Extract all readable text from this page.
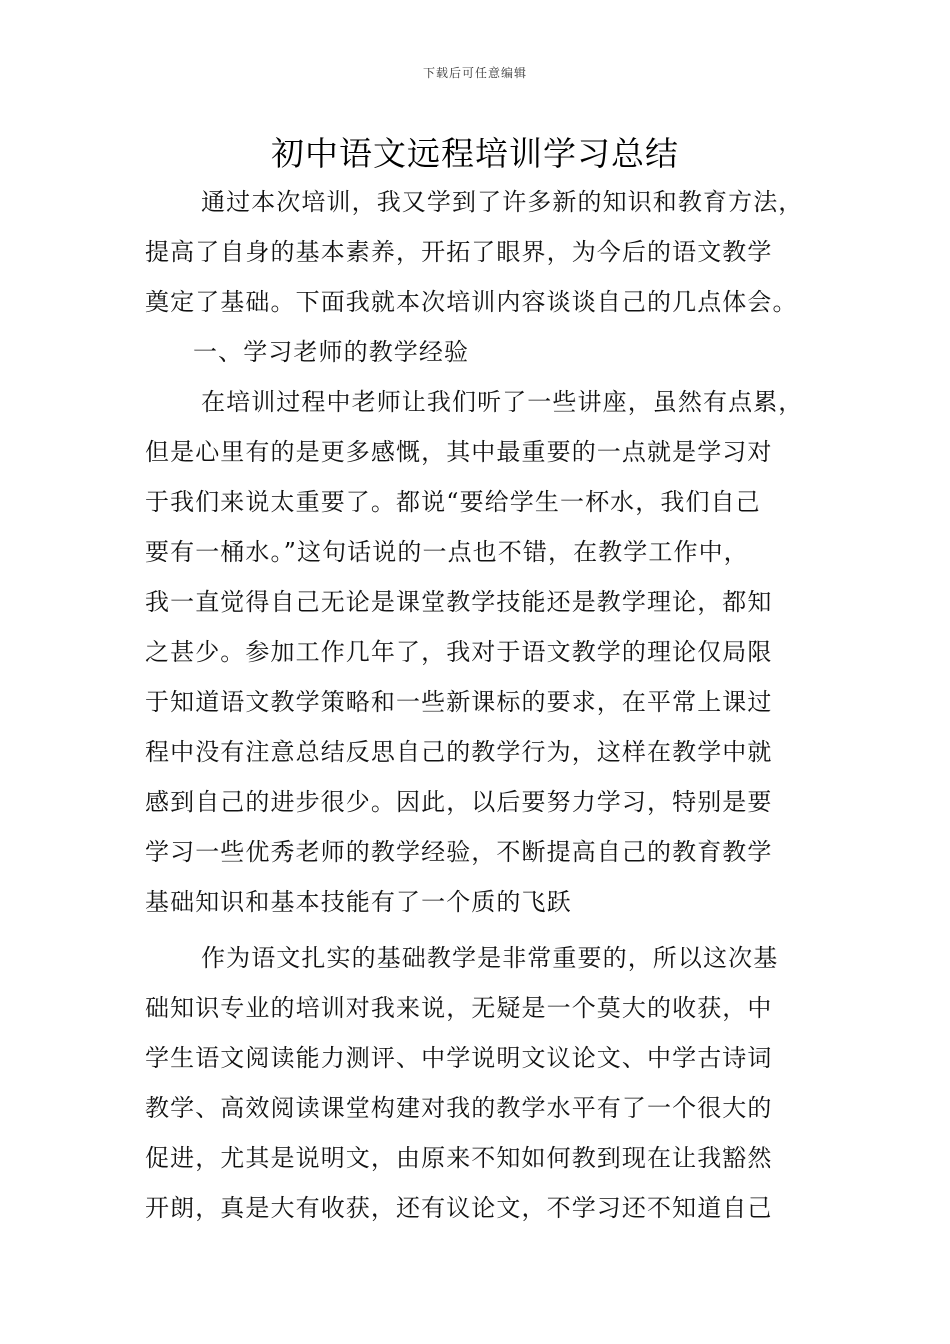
下载后可任意编辑
初中语文远程培训学习总结
通过本次培训，我又学到了许多新的知识和教育方法，
提高了自身的基本素养，开拓了眼界，为今后的语文教学
奠定了基础。下面我就本次培训内容谈谈自己的几点体会。
一、学习老师的教学经验
在培训过程中老师让我们听了一些讲座，虽然有点累，
但是心里有的是更多感慨，其中最重要的一点就是学习对
于我们来说太重要了。都说“要给学生一杯水，我们自己
要有一桶水。”这句话说的一点也不错，在教学工作中，
我一直觉得自己无论是课堂教学技能还是教学理论，都知
之甚少。参加工作几年了，我对于语文教学的理论仅局限
于知道语文教学策略和一些新课标的要求，在平常上课过
程中没有注意总结反思自己的教学行为，这样在教学中就
感到自己的进步很少。因此，以后要努力学习，特别是要
学习一些优秀老师的教学经验，不断提高自己的教育教学
基础知识和基本技能有了一个质的飞跃
作为语文扎实的基础教学是非常重要的，所以这次基
础知识专业的培训对我来说，无疑是一个莫大的收获，中
学生语文阅读能力测评、中学说明文议论文、中学古诗词
教学、高效阅读课堂构建对我的教学水平有了一个很大的
促进，尤其是说明文，由原来不知如何教到现在让我豁然
开朗，真是大有收获，还有议论文，不学习还不知道自己
